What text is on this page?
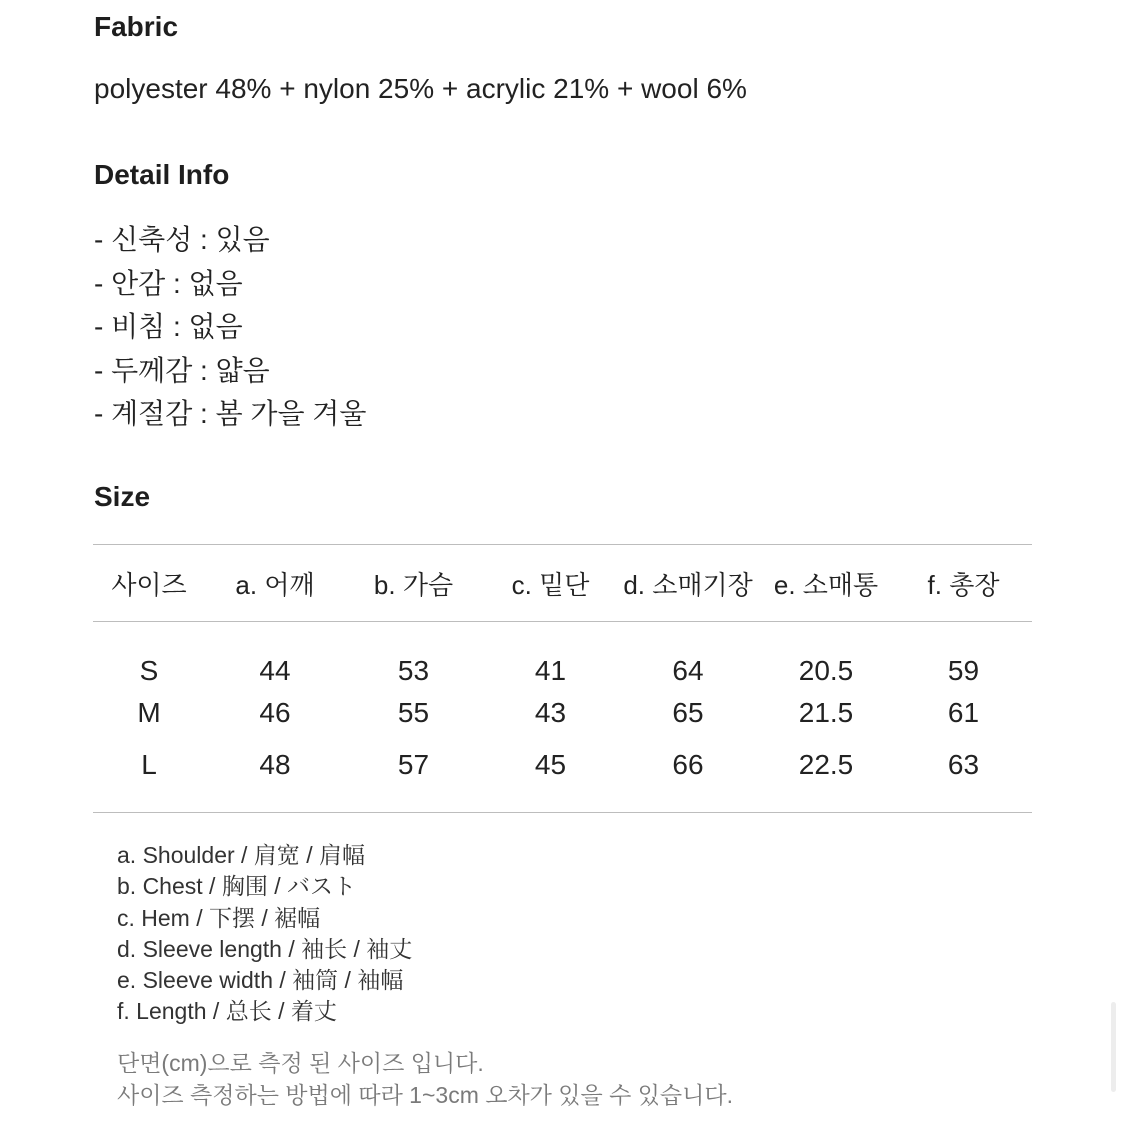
Fabric
polyester 48% + nylon 25% + acrylic 21% + wool 6%
Detail Info
- 신축성 : 있음
- 안감 : 없음
- 비침 : 없음
- 두께감 : 얇음
- 계절감 : 봄 가을 겨울
Size
사이즈	a. 어깨	b. 가슴	c. 밑단	d. 소매기장	e. 소매통	f. 총장
S	44	53	41	64	20.5	59
M	46	55	43	65	21.5	61
L	48	57	45	66	22.5	63
a. Shoulder / 肩宽 / 肩幅
b. Chest / 胸围 / バスト
c. Hem / 下摆 / 裾幅
d. Sleeve length / 袖长 / 袖丈
e. Sleeve width / 袖筒 / 袖幅
f. Length / 总长 / 着丈
단면(cm)으로 측정 된 사이즈 입니다.
사이즈 측정하는 방법에 따라 1~3cm 오차가 있을 수 있습니다.
